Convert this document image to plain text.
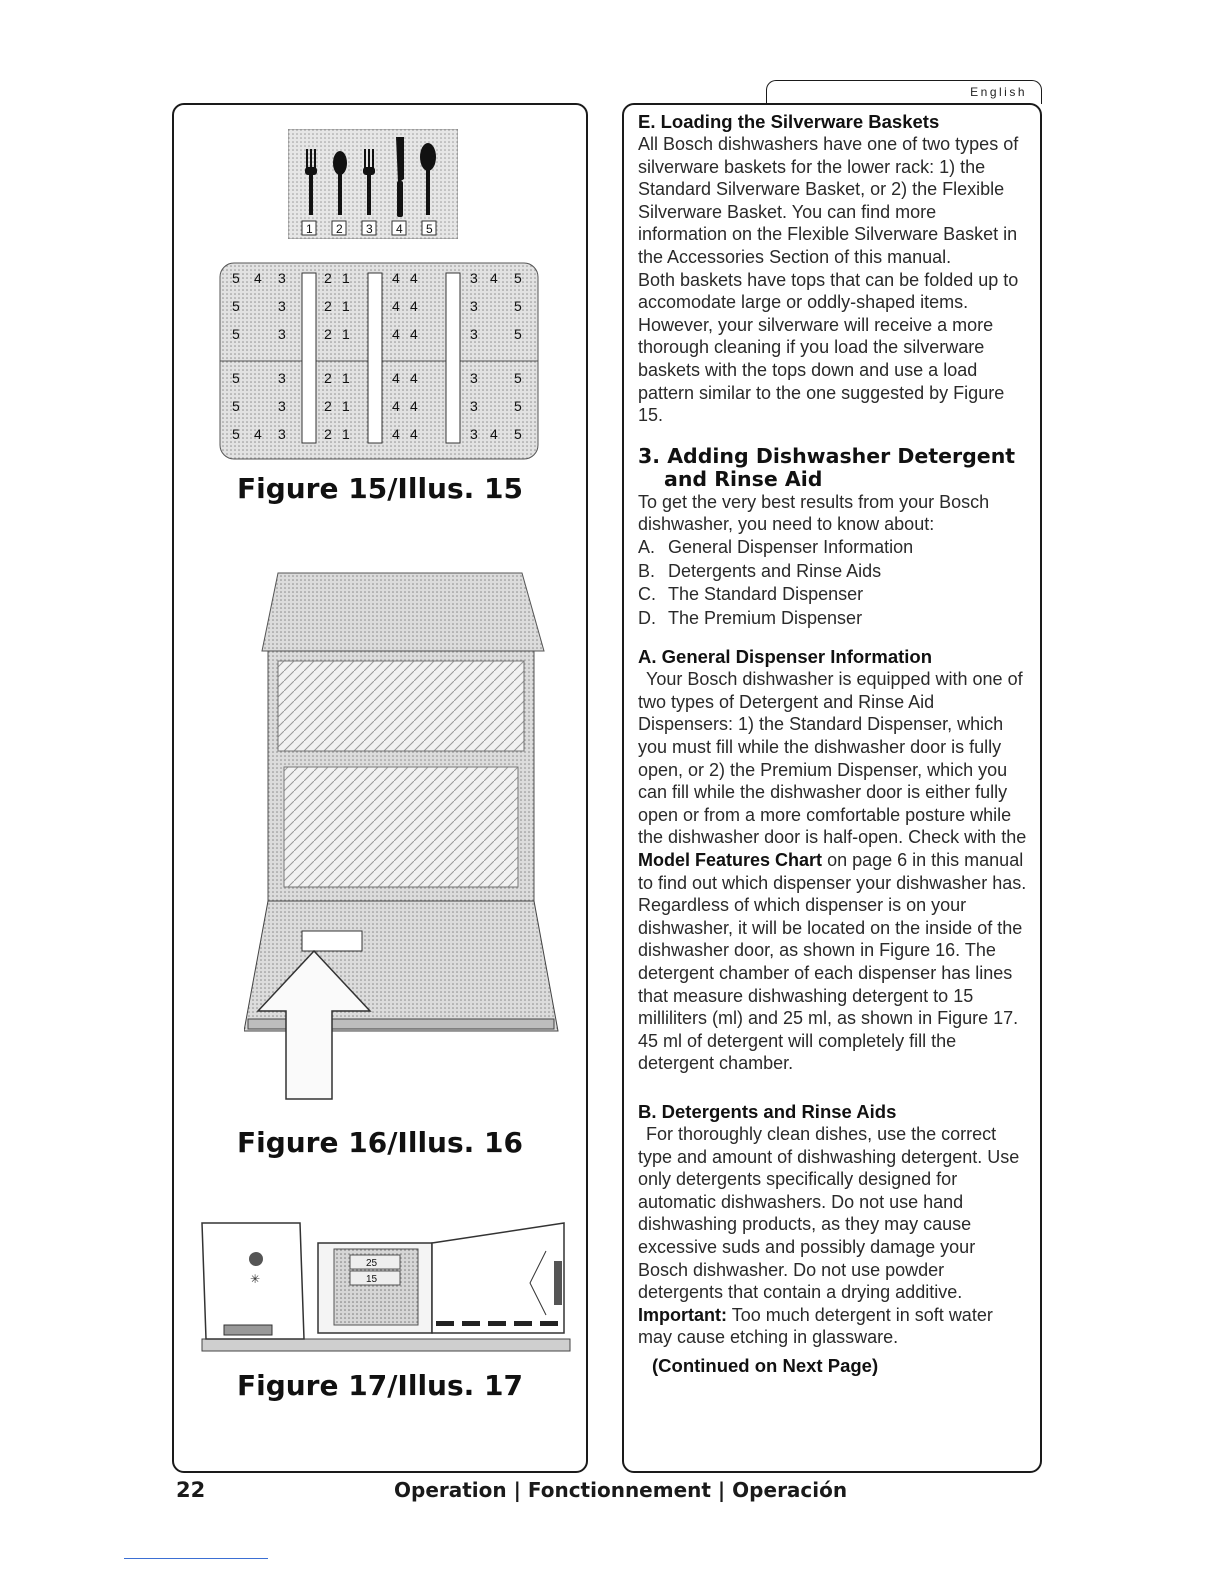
1 2 3 4 5
5 4 3	2 1	4 4	3 4 5
5	3	2 1	4 4	3	5
5	3	2 1	4 4	3	5
5	3	2 1	4 4	3	5
5	3	2 1	4 4	3	5
5 4 3	2 1	4 4	3 4 5
Figure 15/Illus. 15
Figure 16/Illus. 16
✳
25
15
Figure 17/Illus. 17
English
E. Loading the Silverware Baskets

All Bosch dishwashers have one of two types of silverware baskets for the lower rack: 1) the Standard Silverware Basket, or 2) the Flexible Silverware Basket. You can find more information on the Flexible Silverware Basket in the Accessories Section of this manual.

Both baskets have tops that can be folded up to accomodate large or oddly-shaped items. However, your silverware will receive a more thorough cleaning if you load the silverware baskets with the tops down and use a load pattern similar to the one suggested by Figure 15.

3. Adding Dishwasher Detergent
and Rinse Aid

To get the very best results from your Bosch dishwasher, you need to know about:

A. General Dispenser Information
B. Detergents and Rinse Aids
C. The Standard Dispenser
D. The Premium Dispenser
A. General Dispenser Information

Your Bosch dishwasher is equipped with one of two types of Detergent and Rinse Aid Dispensers: 1) the Standard Dispenser, which you must fill while the dishwasher door is fully open, or 2) the Premium Dispenser, which you can fill while the dishwasher door is either fully open or from a more comfortable posture while the dishwasher door is half-open. Check with the Model Features Chart on page 6 in this manual to find out which dispenser your dishwasher has.

Regardless of which dispenser is on your dishwasher, it will be located on the inside of the dishwasher door, as shown in Figure 16. The detergent chamber of each dispenser has lines that measure dishwashing detergent to 15 milliliters (ml) and 25 ml, as shown in Figure 17. 45 ml of detergent will completely fill the detergent chamber.

B. Detergents and Rinse Aids

For thoroughly clean dishes, use the correct type and amount of dishwashing detergent. Use only detergents specifically designed for automatic dishwashers. Do not use hand dishwashing products, as they may cause excessive suds and possibly damage your Bosch dishwasher. Do not use powder detergents that contain a drying additive. Important: Too much detergent in soft water may cause etching in glassware.

(Continued on Next Page)
22	Operation | Fonctionnement | Operación
